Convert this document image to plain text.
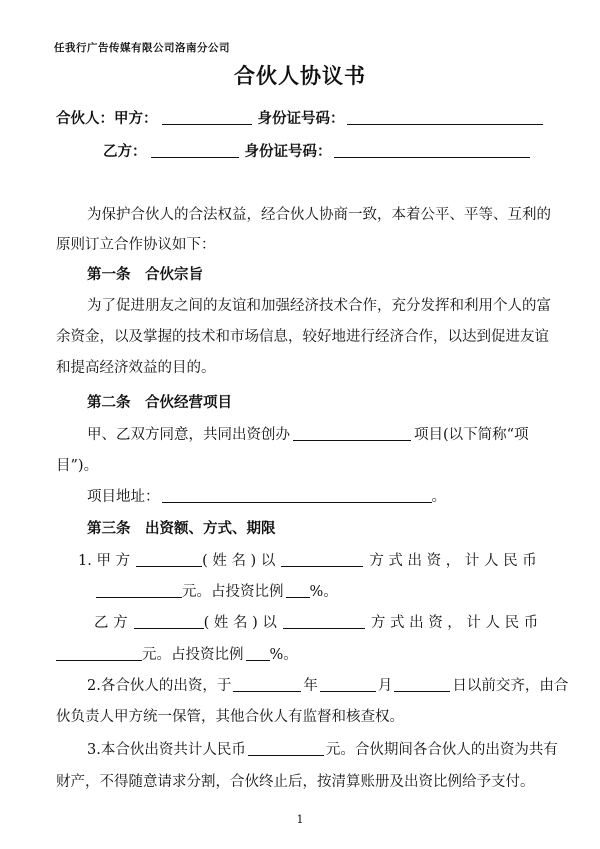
任我行广告传媒有限公司洛南分公司
合伙人协议书
合伙人：甲方：	身份证号码：
乙方：	身份证号码：
为保护合伙人的合法权益，经合伙人协商一致，本着公平、平等、互利的
原则订立合作协议如下：
第一条　合伙宗旨
为了促进朋友之间的友谊和加强经济技术合作，充分发挥和利用个人的富
余资金，以及掌握的技术和市场信息，较好地进行经济合作，以达到促进友谊
和提高经济效益的目的。
第二条　合伙经营项目
甲、乙双方同意，共同出资创办	项目(以下简称“项
目”)。
项目地址：	。
第三条　出资额、方式、期限
1. 甲 方	( 姓 名 ) 以	方 式 出 资 ， 计 人 民 币
元。占投资比例 %。
乙 方	( 姓 名 ) 以	方 式 出 资 ， 计 人 民 币
元。占投资比例 %。
2.各合伙人的出资，于	年	月	日以前交齐，由合
伙负责人甲方统一保管，其他合伙人有监督和核查权。
3.本合伙出资共计人民币	元。合伙期间各合伙人的出资为共有
财产，不得随意请求分割，合伙终止后，按清算账册及出资比例给予支付。
1
